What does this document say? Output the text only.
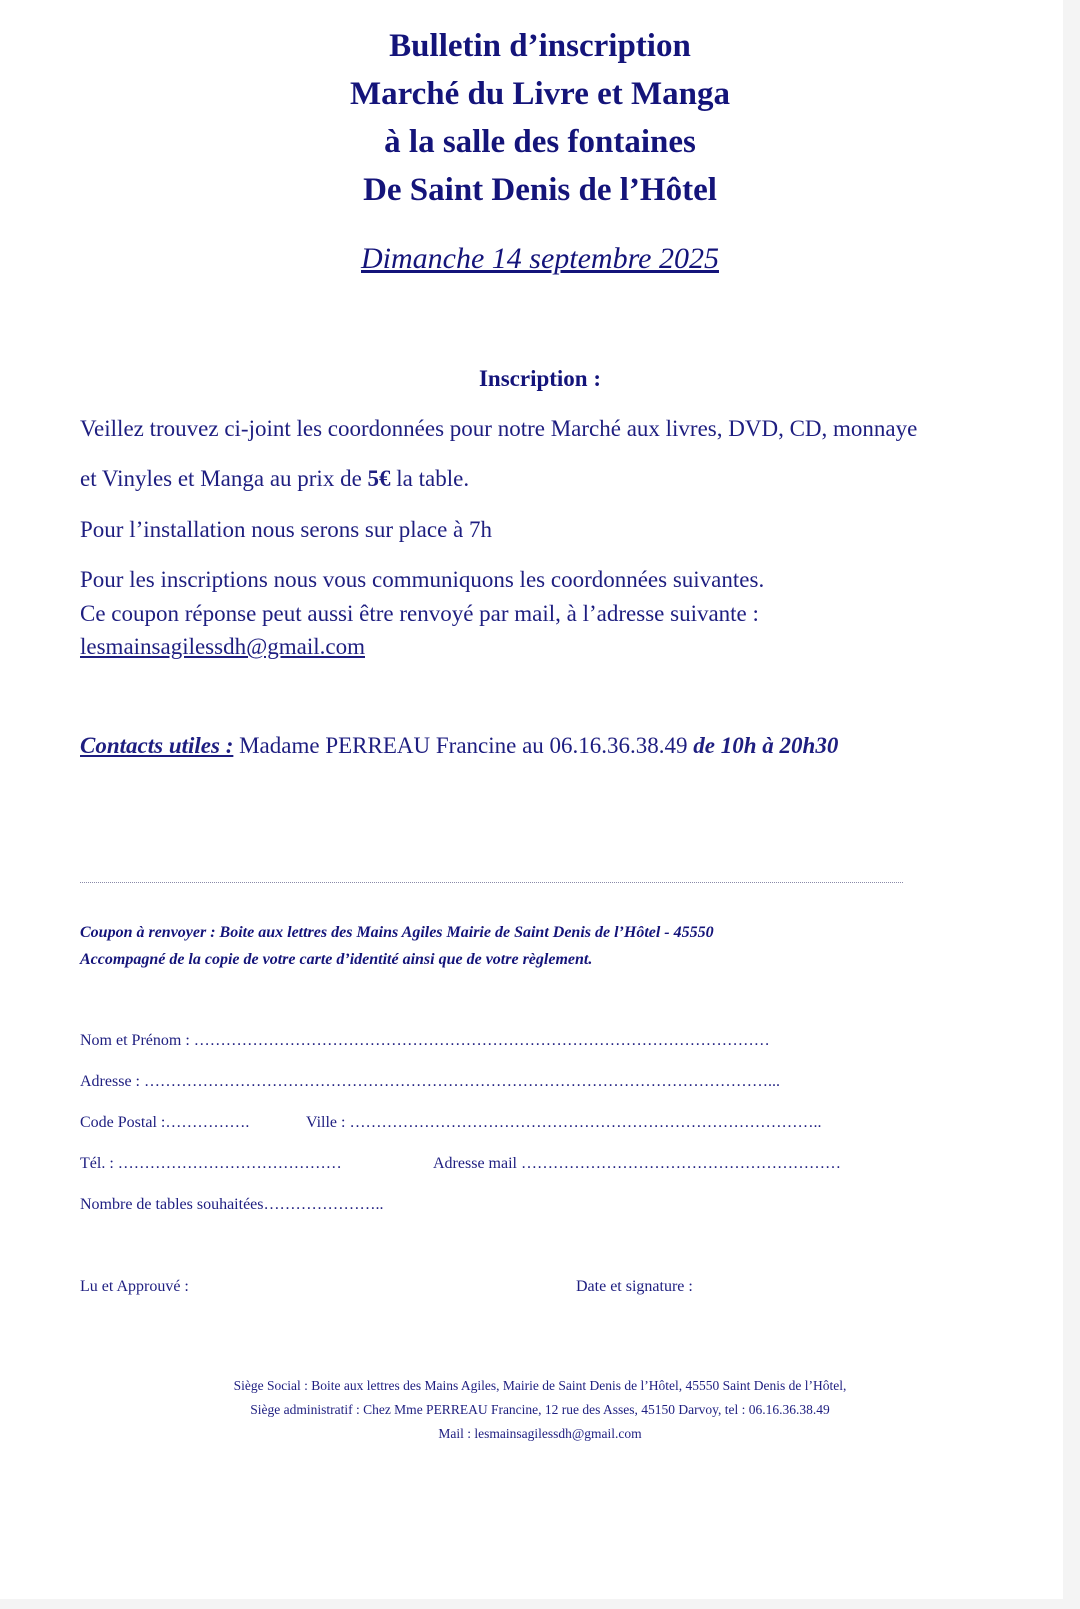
Bulletin d’inscription
Marché du Livre et Manga
à la salle des fontaines
De Saint Denis de l’Hôtel
Dimanche 14 septembre 2025
Inscription :
Veillez trouvez ci-joint les coordonnées pour notre Marché aux livres, DVD, CD, monnaye
et Vinyles et Manga au prix de 5€ la table.
Pour l’installation nous serons sur place à 7h
Pour les inscriptions nous vous communiquons les coordonnées suivantes.
Ce coupon réponse peut aussi être renvoyé par mail, à l’adresse suivante :
lesmainsagilessdh@gmail.com
Contacts utiles : Madame PERREAU Francine au 06.16.36.38.49 de 10h à 20h30
Coupon à renvoyer : Boite aux lettres des Mains Agiles Mairie de Saint Denis de l’Hôtel - 45550
Accompagné de la copie de votre carte d’identité ainsi que de votre règlement.
Nom et Prénom : ………………………………………………………………………………………………
Adresse : ………………………………………………………………………………………………………...
Code Postal :…………….	Ville : ……………………………………………………………………………..
Tél. : ……………………………………	Adresse mail ……………………………………………………
Nombre de tables souhaitées…………………..
Lu et Approuvé :	Date et signature :
Siège Social : Boite aux lettres des Mains Agiles, Mairie de Saint Denis de l’Hôtel, 45550 Saint Denis de l’Hôtel,
Siège administratif : Chez Mme PERREAU Francine, 12 rue des Asses, 45150 Darvoy, tel : 06.16.36.38.49
Mail : lesmainsagilessdh@gmail.com
